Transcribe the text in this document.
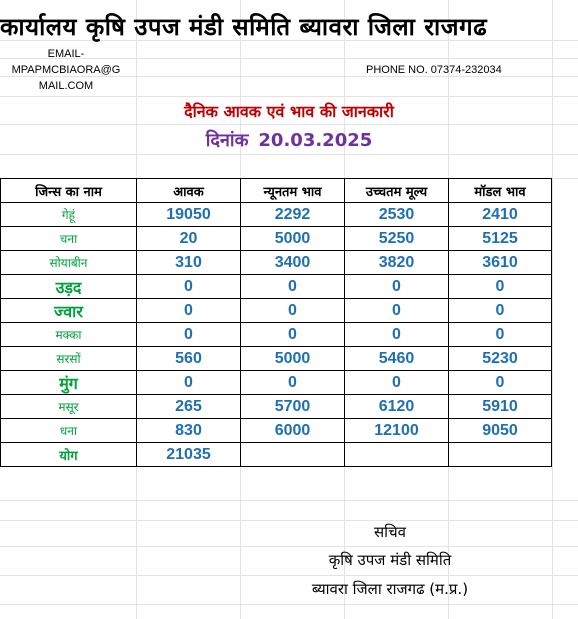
कार्यालय कृषि उपज मंडी समिति ब्यावरा जिला राजगढ
EMAIL-
MPAPMCBIAORA@G
MAIL.COM
PHONE NO. 07374-232034
दैनिक आवक एवं भाव की जानकारी
दिनांक 20.03.2025
जिन्स का नाम	आवक	न्यूनतम भाव	उच्चतम मूल्य	मॉडल भाव
गेहूं	19050	2292	2530	2410
चना	20	5000	5250	5125
सोयाबीन	310	3400	3820	3610
उड़द	0	0	0	0
ज्वार	0	0	0	0
मक्का	0	0	0	0
सरसों	560	5000	5460	5230
मुंग	0	0	0	0
मसूर	265	5700	6120	5910
धना	830	6000	12100	9050
योग	21035			
सचिव
कृषि उपज मंडी समिति
ब्यावरा जिला राजगढ (म.प्र.)
